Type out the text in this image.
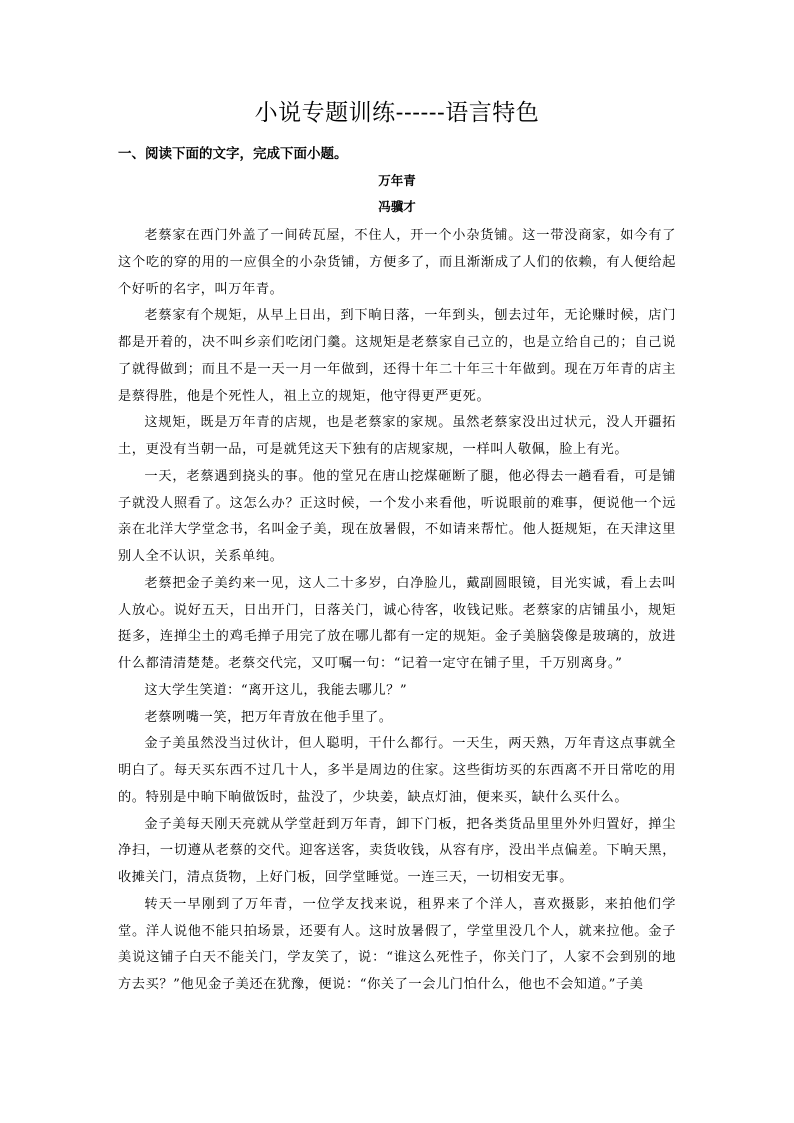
小说专题训练------语言特色
一、阅读下面的文字，完成下面小题。
万年青
冯骥才

老蔡家在西门外盖了一间砖瓦屋，不住人，开一个小杂货铺。这一带没商家，如今有了这个吃的穿的用的一应俱全的小杂货铺，方便多了，而且渐渐成了人们的依赖，有人便给起个好听的名字，叫万年青。

老蔡家有个规矩，从早上日出，到下晌日落，一年到头，刨去过年，无论赚时候，店门都是开着的，决不叫乡亲们吃闭门羹。这规矩是老蔡家自己立的，也是立给自己的；自己说了就得做到；而且不是一天一月一年做到，还得十年二十年三十年做到。现在万年青的店主是蔡得胜，他是个死性人，祖上立的规矩，他守得更严更死。

这规矩，既是万年青的店规，也是老蔡家的家规。虽然老蔡家没出过状元，没人开疆拓土，更没有当朝一品，可是就凭这天下独有的店规家规，一样叫人敬佩，脸上有光。

一天，老蔡遇到挠头的事。他的堂兄在唐山挖煤砸断了腿，他必得去一趟看看，可是铺子就没人照看了。这怎么办？正这时候，一个发小来看他，听说眼前的难事，便说他一个远亲在北洋大学堂念书，名叫金子美，现在放暑假，不如请来帮忙。他人挺规矩，在天津这里别人全不认识，关系单纯。

老蔡把金子美约来一见，这人二十多岁，白净脸儿，戴副圆眼镜，目光实诚，看上去叫人放心。说好五天，日出开门，日落关门，诚心待客，收钱记账。老蔡家的店铺虽小，规矩挺多，连掸尘土的鸡毛掸子用完了放在哪儿都有一定的规矩。金子美脑袋像是玻璃的，放进什么都清清楚楚。老蔡交代完，又叮嘱一句：“记着一定守在铺子里，千万别离身。”

这大学生笑道：“离开这儿，我能去哪儿？”

老蔡咧嘴一笑，把万年青放在他手里了。

金子美虽然没当过伙计，但人聪明，干什么都行。一天生，两天熟，万年青这点事就全明白了。每天买东西不过几十人，多半是周边的住家。这些街坊买的东西离不开日常吃的用的。特别是中晌下晌做饭时，盐没了，少块姜，缺点灯油，便来买，缺什么买什么。

金子美每天刚天亮就从学堂赶到万年青，卸下门板，把各类货品里里外外归置好，掸尘净扫，一切遵从老蔡的交代。迎客送客，卖货收钱，从容有序，没出半点偏差。下晌天黑，收摊关门，清点货物，上好门板，回学堂睡觉。一连三天，一切相安无事。

转天一早刚到了万年青，一位学友找来说，租界来了个洋人，喜欢摄影，来拍他们学堂。洋人说他不能只拍场景，还要有人。这时放暑假了，学堂里没几个人，就来拉他。金子美说这铺子白天不能关门，学友笑了，说：“谁这么死性子，你关门了，人家不会到别的地方去买？”他见金子美还在犹豫，便说：“你关了一会儿门怕什么，他也不会知道。”子美
